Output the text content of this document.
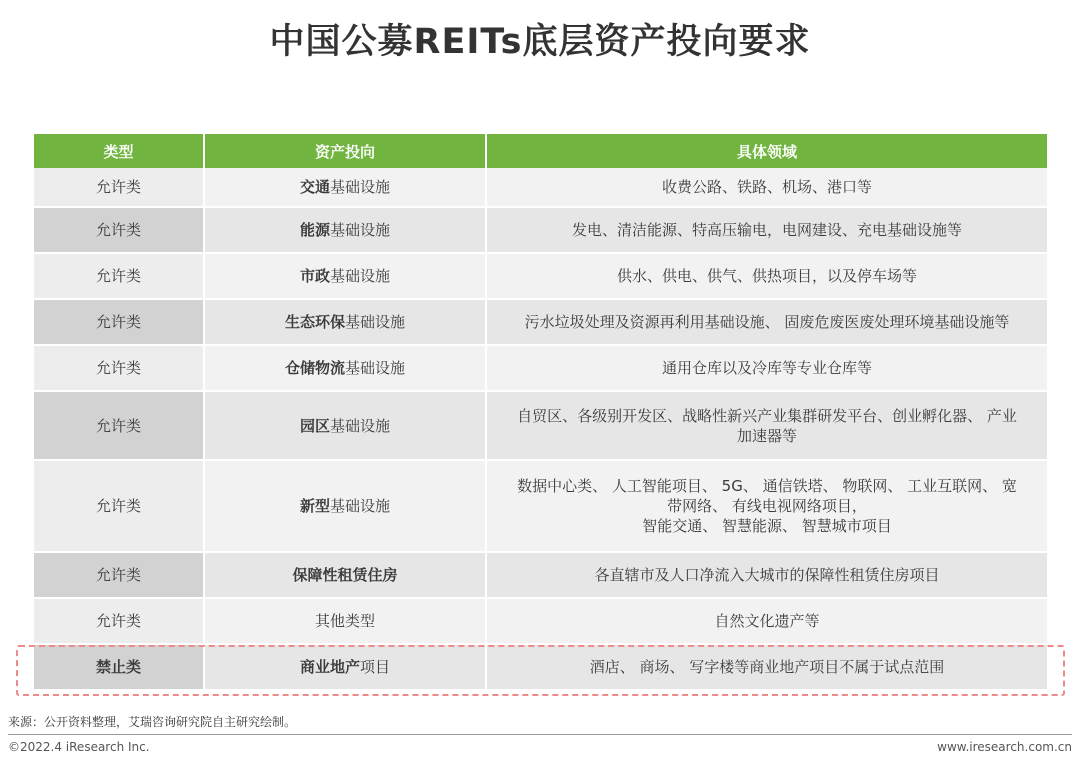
中国公募REITs底层资产投向要求
类型	资产投向	具体领域
允许类	交通基础设施	收费公路、铁路、机场、港口等
允许类	能源基础设施	发电、清洁能源、特高压输电，电网建设、充电基础设施等
允许类	市政基础设施	供水、供电、供气、供热项目，以及停车场等
允许类	生态环保基础设施	污水垃圾处理及资源再利用基础设施、 固废危废医废处理环境基础设施等
允许类	仓储物流基础设施	通用仓库以及冷库等专业仓库等
允许类	园区基础设施	自贸区、各级别开发区、战略性新兴产业集群研发平台、创业孵化器、 产业
加速器等

允许类	新型基础设施	数据中心类、 人工智能项目、 5G、 通信铁塔、 物联网、 工业互联网、 宽
带网络、 有线电视网络项目，
智能交通、 智慧能源、 智慧城市项目

允许类	保障性租赁住房	各直辖市及人口净流入大城市的保障性租赁住房项目
允许类	其他类型	自然文化遗产等
禁止类	商业地产项目	酒店、 商场、 写字楼等商业地产项目不属于试点范围
来源：公开资料整理，艾瑞咨询研究院自主研究绘制。
©2022.4 iResearch Inc.	www.iresearch.com.cn
